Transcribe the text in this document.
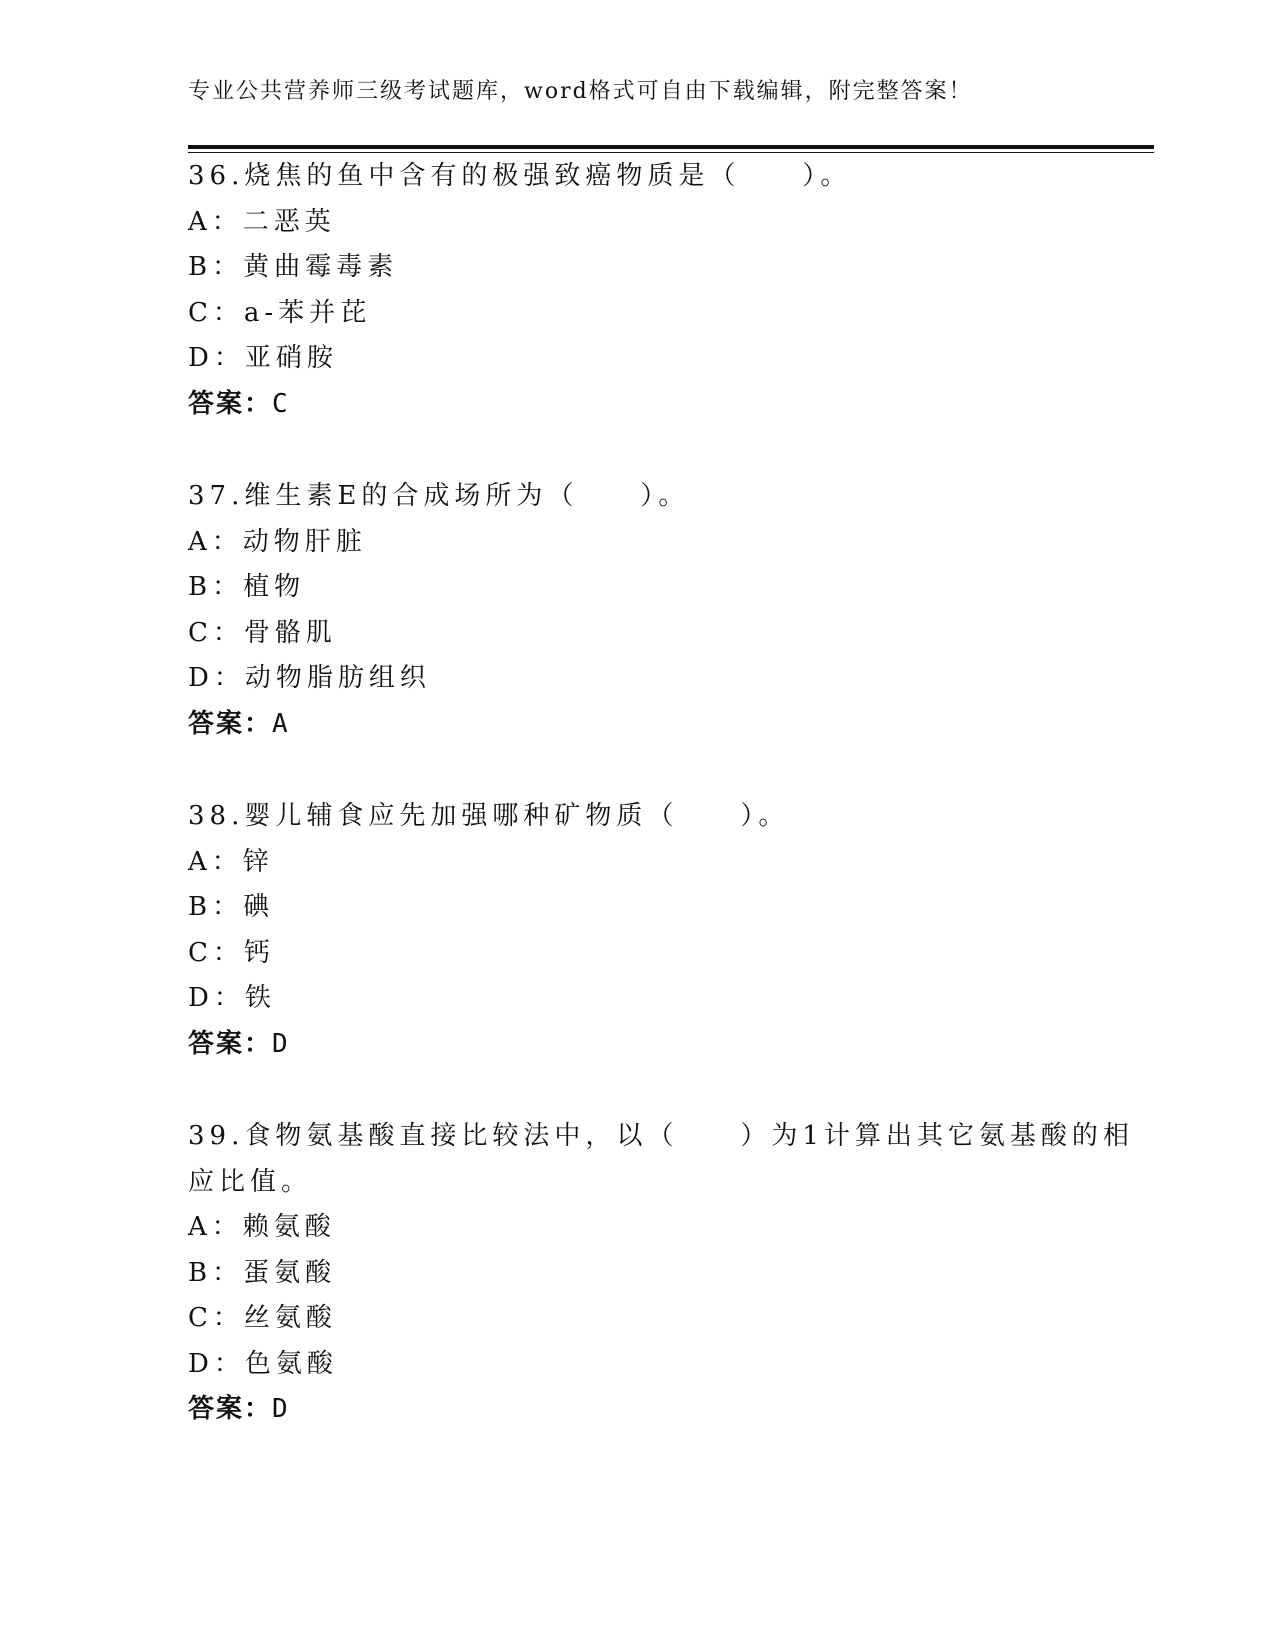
专业公共营养师三级考试题库，word格式可自由下载编辑，附完整答案！
36.烧焦的鱼中含有的极强致癌物质是（　　）。
A：二恶英
B：黄曲霉毒素
C：a-苯并芘
D：亚硝胺
答案：C
37.维生素E的合成场所为（　　）。
A：动物肝脏
B：植物
C：骨骼肌
D：动物脂肪组织
答案：A
38.婴儿辅食应先加强哪种矿物质（　　）。
A：锌
B：碘
C：钙
D：铁
答案：D
39.食物氨基酸直接比较法中，以（　　）为1计算出其它氨基酸的相
应比值。
A：赖氨酸
B：蛋氨酸
C：丝氨酸
D：色氨酸
答案：D
